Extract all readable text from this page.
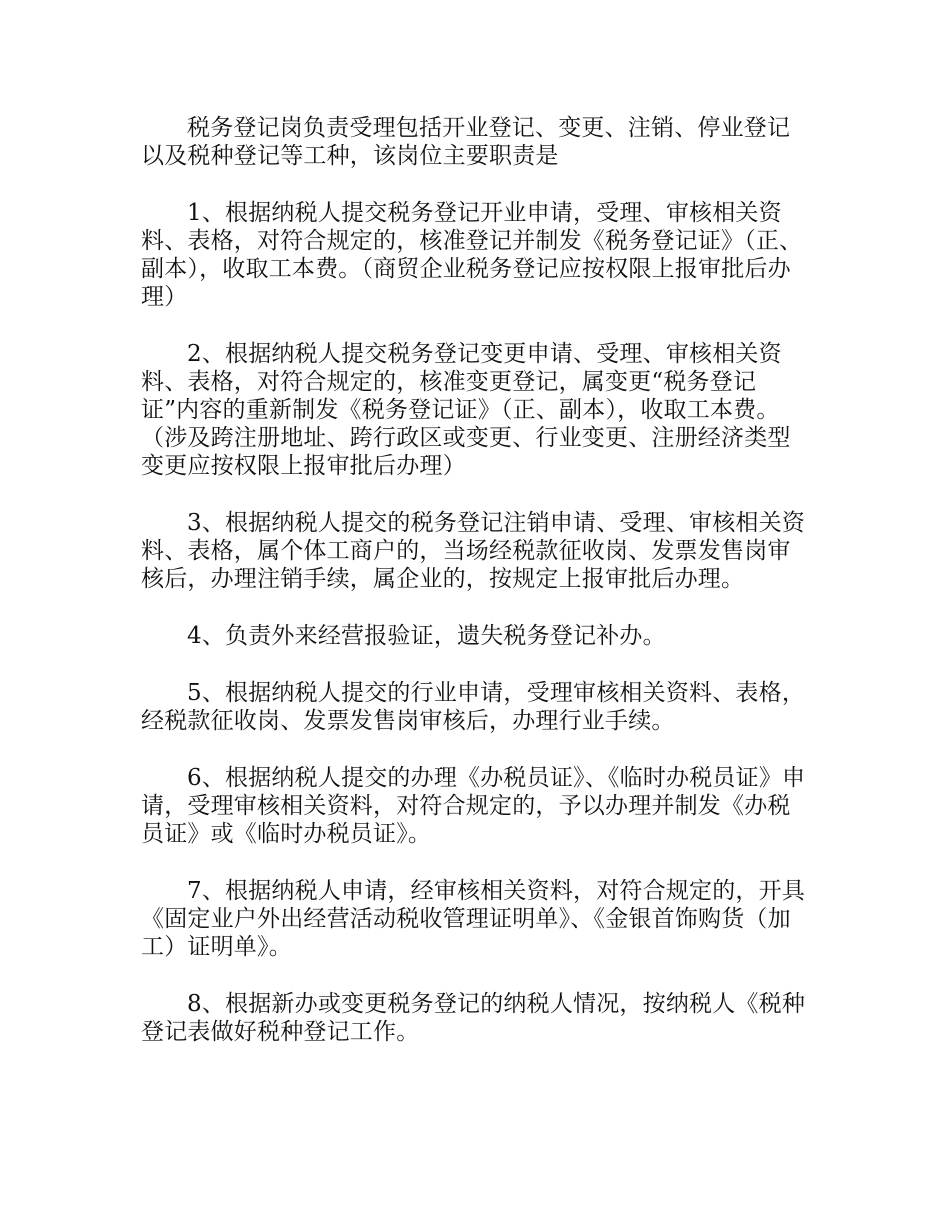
税务登记岗负责受理包括开业登记、变更、注销、停业登记以及税种登记等工种，该岗位主要职责是

1、根据纳税人提交税务登记开业申请，受理、审核相关资料、表格，对符合规定的，核准登记并制发《税务登记证》（正、副本），收取工本费。（商贸企业税务登记应按权限上报审批后办理）

2、根据纳税人提交税务登记变更申请、受理、审核相关资料、表格，对符合规定的，核准变更登记，属变更“税务登记证”内容的重新制发《税务登记证》（正、副本），收取工本费。（涉及跨注册地址、跨行政区或变更、行业变更、注册经济类型变更应按权限上报审批后办理）

3、根据纳税人提交的税务登记注销申请、受理、审核相关资料、表格，属个体工商户的，当场经税款征收岗、发票发售岗审核后，办理注销手续，属企业的，按规定上报审批后办理。

4、负责外来经营报验证，遗失税务登记补办。

5、根据纳税人提交的行业申请，受理审核相关资料、表格，经税款征收岗、发票发售岗审核后，办理行业手续。

6、根据纳税人提交的办理《办税员证》、《临时办税员证》申请，受理审核相关资料，对符合规定的，予以办理并制发《办税员证》或《临时办税员证》。

7、根据纳税人申请，经审核相关资料，对符合规定的，开具《固定业户外出经营活动税收管理证明单》、《金银首饰购货（加工）证明单》。

8、根据新办或变更税务登记的纳税人情况，按纳税人《税种登记表做好税种登记工作。
